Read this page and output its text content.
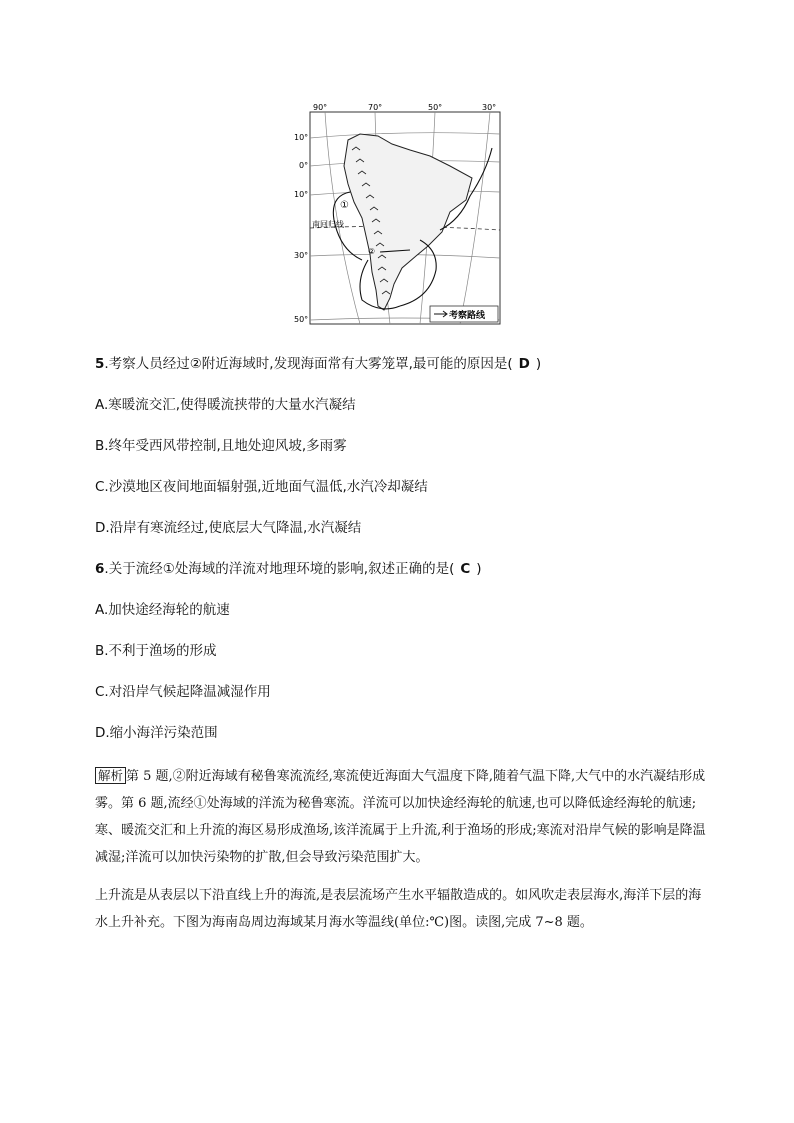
90°	70°	50°	30°
10°
0°
10°
30°
50°
南回归线
①
②
考察路线
5.考察人员经过②附近海域时,发现海面常有大雾笼罩,最可能的原因是( D )
A.寒暖流交汇,使得暖流挟带的大量水汽凝结
B.终年受西风带控制,且地处迎风坡,多雨雾
C.沙漠地区夜间地面辐射强,近地面气温低,水汽冷却凝结
D.沿岸有寒流经过,使底层大气降温,水汽凝结
6.关于流经①处海域的洋流对地理环境的影响,叙述正确的是( C )
A.加快途经海轮的航速
B.不利于渔场的形成
C.对沿岸气候起降温减湿作用
D.缩小海洋污染范围
解析 第 5 题,②附近海域有秘鲁寒流流经,寒流使近海面大气温度下降,随着气温下降,大气中的水汽凝结形成雾。第 6 题,流经①处海域的洋流为秘鲁寒流。洋流可以加快途经海轮的航速,也可以降低途经海轮的航速;寒、暖流交汇和上升流的海区易形成渔场,该洋流属于上升流,利于渔场的形成;寒流对沿岸气候的影响是降温减湿;洋流可以加快污染物的扩散,但会导致污染范围扩大。
上升流是从表层以下沿直线上升的海流,是表层流场产生水平辐散造成的。如风吹走表层海水,海洋下层的海水上升补充。下图为海南岛周边海域某月海水等温线(单位:℃)图。读图,完成 7~8 题。
